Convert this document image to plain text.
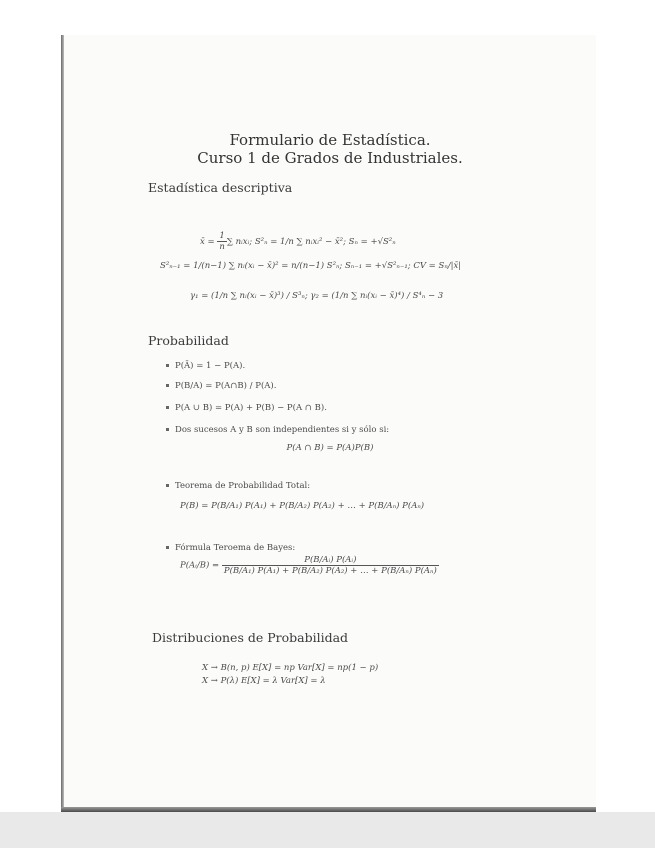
Formulario de Estadística.
Curso 1 de Grados de Industriales.
Estadística descriptiva
x̄ = $\frac{1}{n}$ ∑ nᵢxᵢ; S²ₙ = 1/n ∑ nᵢxᵢ² − x̄²; Sₙ = +√S²ₙ
S²ₙ₋₁ = 1/(n−1) ∑ nᵢ(xᵢ − x̄)² = n/(n−1) S²ₙ; Sₙ₋₁ = +√S²ₙ₋₁; CV = Sₙ/|x̄|
γ₁ = (1/n ∑ nᵢ(xᵢ − x̄)³) / S³ₙ; γ₂ = (1/n ∑ nᵢ(xᵢ − x̄)⁴) / S⁴ₙ − 3
Probabilidad
P(Ā) = 1 − P(A).
P(B/A) = P(A∩B) / P(A).
P(A ∪ B) = P(A) + P(B) − P(A ∩ B).
Dos sucesos A y B son independientes si y sólo si:
P(A ∩ B) = P(A)P(B)
Teorema de Probabilidad Total:
P(B) = P(B/A₁) P(A₁) + P(B/A₂) P(A₂) + … + P(B/Aₙ) P(Aₙ)
Fórmula Teroema de Bayes:
P(Aᵢ/B) = $\frac{\text{P(B/Aᵢ) P(Aᵢ)}}{\text{P(B/A₁) P(A₁) + P(B/A₂) P(A₂) + … + P(B/Aₙ) P(Aₙ)}}$
Distribuciones de Probabilidad
X → B(n, p) E[X] = np Var[X] = np(1 − p)
X → P(λ) E[X] = λ Var[X] = λ
